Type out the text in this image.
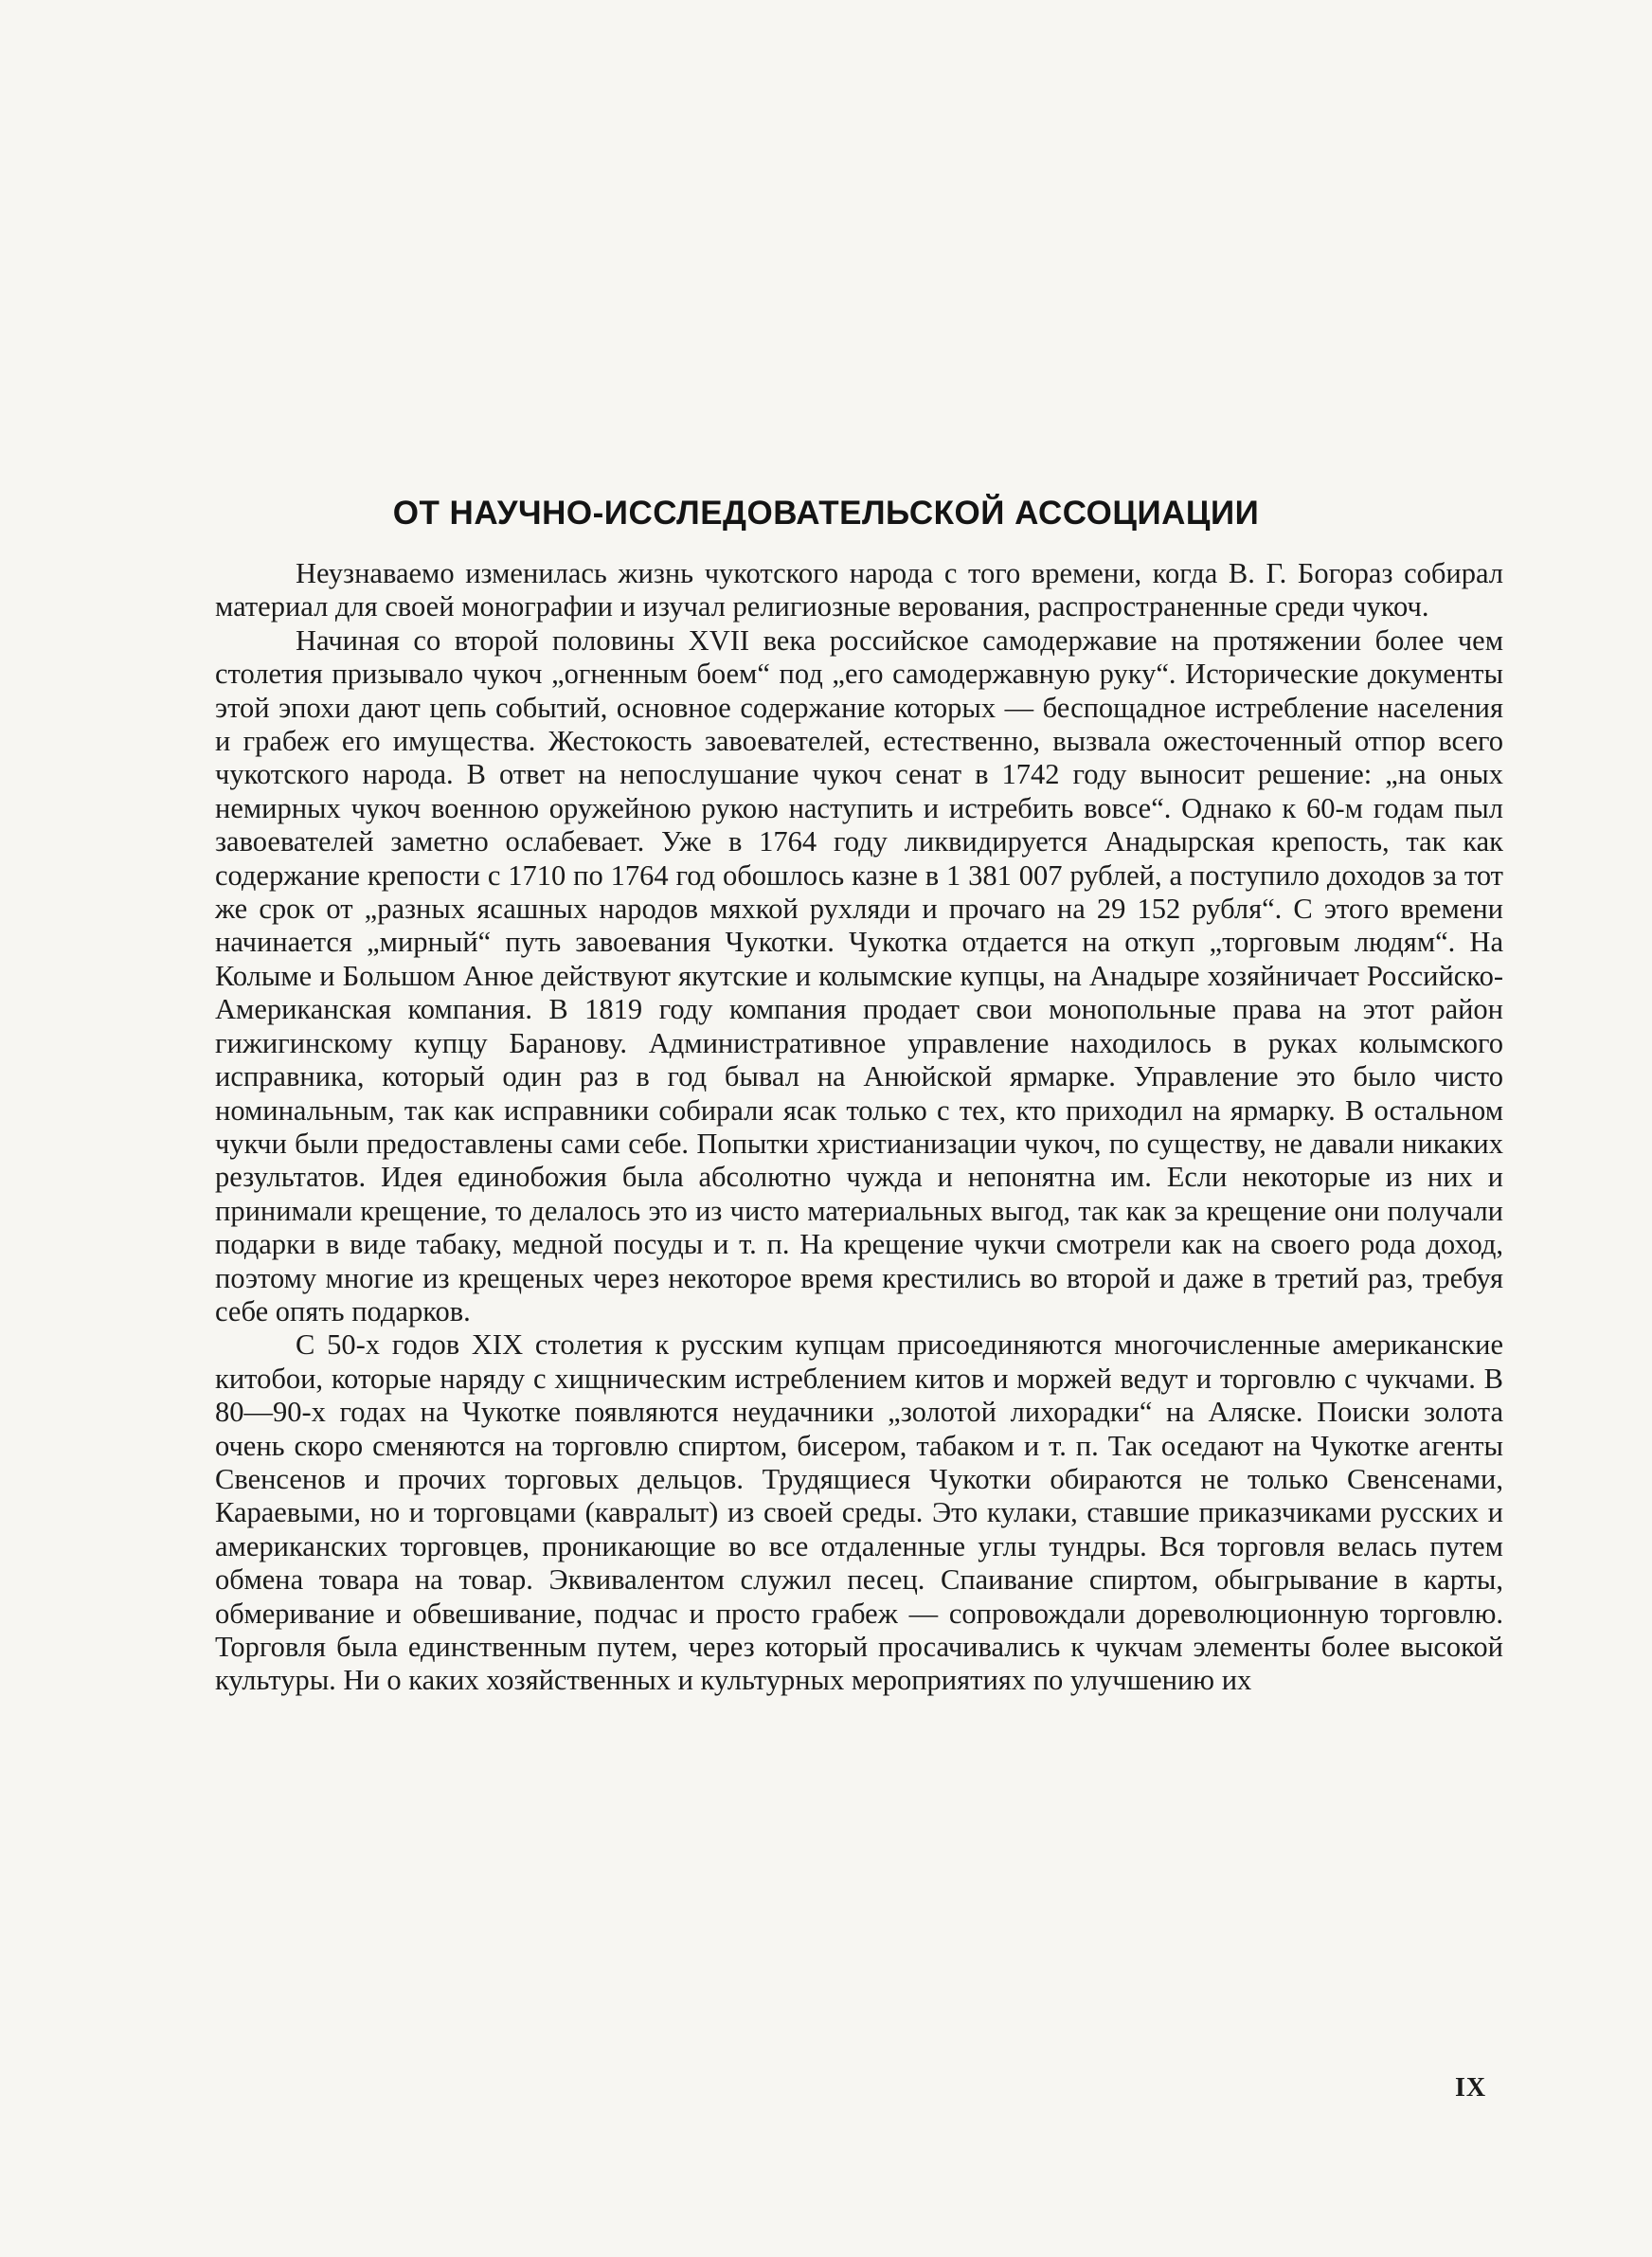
ОТ НАУЧНО-ИССЛЕДОВАТЕЛЬСКОЙ АССОЦИАЦИИ

Неузнаваемо изменилась жизнь чукотского народа с того времени, когда В. Г. Богораз собирал материал для своей монографии и изучал религиозные верования, распространенные среди чукоч.

Начиная со второй половины XVII века российское самодержавие на протяжении более чем столетия призывало чукоч „огненным боем“ под „его самодержавную руку“. Исторические документы этой эпохи дают цепь событий, основное содержание которых — беспощадное истребление населения и грабеж его имущества. Жестокость завоевателей, естественно, вызвала ожесточенный отпор всего чукотского народа. В ответ на непослушание чукоч сенат в 1742 году выносит решение: „на оных немирных чукоч военною оружейною рукою наступить и истребить вовсе“. Однако к 60-м годам пыл завоевателей заметно ослабевает. Уже в 1764 году ликвидируется Анадырская крепость, так как содержание крепости с 1710 по 1764 год обошлось казне в 1 381 007 рублей, а поступило доходов за тот же срок от „разных ясашных народов мяхкой рухляди и прочаго на 29 152 рубля“. С этого времени начинается „мирный“ путь завоевания Чукотки. Чукотка отдается на откуп „торговым людям“. На Колыме и Большом Анюе действуют якутские и колымские купцы, на Анадыре хозяйничает Российско-Американская компания. В 1819 году компания продает свои монопольные права на этот район гижигинскому купцу Баранову. Административное управление находилось в руках колымского исправника, который один раз в год бывал на Анюйской ярмарке. Управление это было чисто номинальным, так как исправники собирали ясак только с тех, кто приходил на ярмарку. В остальном чукчи были предоставлены сами себе. Попытки христианизации чукоч, по существу, не давали никаких результатов. Идея единобожия была абсолютно чужда и непонятна им. Если некоторые из них и принимали крещение, то делалось это из чисто материальных выгод, так как за крещение они получали подарки в виде табаку, медной посуды и т. п. На крещение чукчи смотрели как на своего рода доход, поэтому многие из крещеных через некоторое время крестились во второй и даже в третий раз, требуя себе опять подарков.

С 50-х годов XIX столетия к русским купцам присоединяются многочисленные американские китобои, которые наряду с хищническим истреблением китов и моржей ведут и торговлю с чукчами. В 80—90-х годах на Чукотке появляются неудачники „золотой лихорадки“ на Аляске. Поиски золота очень скоро сменяются на торговлю спиртом, бисером, табаком и т. п. Так оседают на Чукотке агенты Свенсенов и прочих торговых дельцов. Трудящиеся Чукотки обираются не только Свенсенами, Караевыми, но и торговцами (кавралыт) из своей среды. Это кулаки, ставшие приказчиками русских и американских торговцев, проникающие во все отдаленные углы тундры. Вся торговля велась путем обмена товара на товар. Эквивалентом служил песец. Спаивание спиртом, обыгрывание в карты, обмеривание и обвешивание, подчас и просто грабеж — сопровождали дореволюционную торговлю. Торговля была единственным путем, через который просачивались к чукчам элементы более высокой культуры. Ни о каких хозяйственных и культурных мероприятиях по улучшению их

IX
